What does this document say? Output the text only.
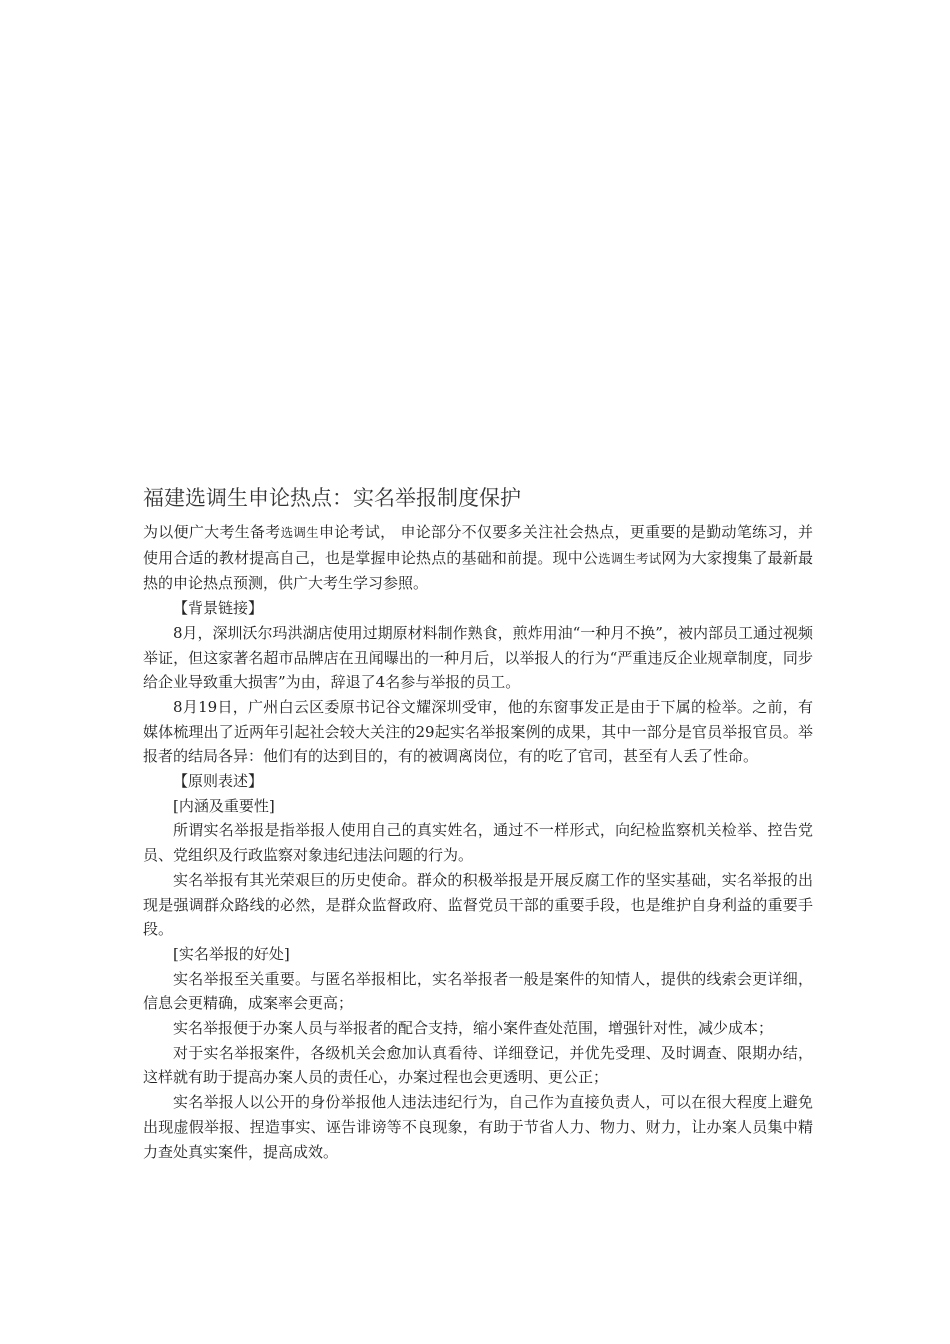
福建选调生申论热点：实名举报制度保护

为以便广大考生备考选调生申论考试， 申论部分不仅要多关注社会热点，更重要的是勤动笔练习，并使用合适的教材提高自己，也是掌握申论热点的基础和前提。现中公选调生考试网为大家搜集了最新最热的申论热点预测，供广大考生学习参照。

【背景链接】

8月，深圳沃尔玛洪湖店使用过期原材料制作熟食，煎炸用油“一种月不换”，被内部员工通过视频举证，但这家著名超市品牌店在丑闻曝出的一种月后，以举报人的行为“严重违反企业规章制度，同步给企业导致重大损害”为由，辞退了4名参与举报的员工。

8月19日，广州白云区委原书记谷文耀深圳受审，他的东窗事发正是由于下属的检举。之前，有媒体梳理出了近两年引起社会较大关注的29起实名举报案例的成果，其中一部分是官员举报官员。举报者的结局各异：他们有的达到目的，有的被调离岗位，有的吃了官司，甚至有人丢了性命。

【原则表述】

[内涵及重要性]

所谓实名举报是指举报人使用自己的真实姓名，通过不一样形式，向纪检监察机关检举、控告党员、党组织及行政监察对象违纪违法问题的行为。

实名举报有其光荣艰巨的历史使命。群众的积极举报是开展反腐工作的坚实基础，实名举报的出现是强调群众路线的必然，是群众监督政府、监督党员干部的重要手段，也是维护自身利益的重要手段。

[实名举报的好处]

实名举报至关重要。与匿名举报相比，实名举报者一般是案件的知情人，提供的线索会更详细，信息会更精确，成案率会更高；

实名举报便于办案人员与举报者的配合支持，缩小案件查处范围，增强针对性，减少成本；

对于实名举报案件，各级机关会愈加认真看待、详细登记，并优先受理、及时调查、限期办结，这样就有助于提高办案人员的责任心，办案过程也会更透明、更公正；

实名举报人以公开的身份举报他人违法违纪行为，自己作为直接负责人，可以在很大程度上避免出现虚假举报、捏造事实、诬告诽谤等不良现象，有助于节省人力、物力、财力，让办案人员集中精力查处真实案件，提高成效。
